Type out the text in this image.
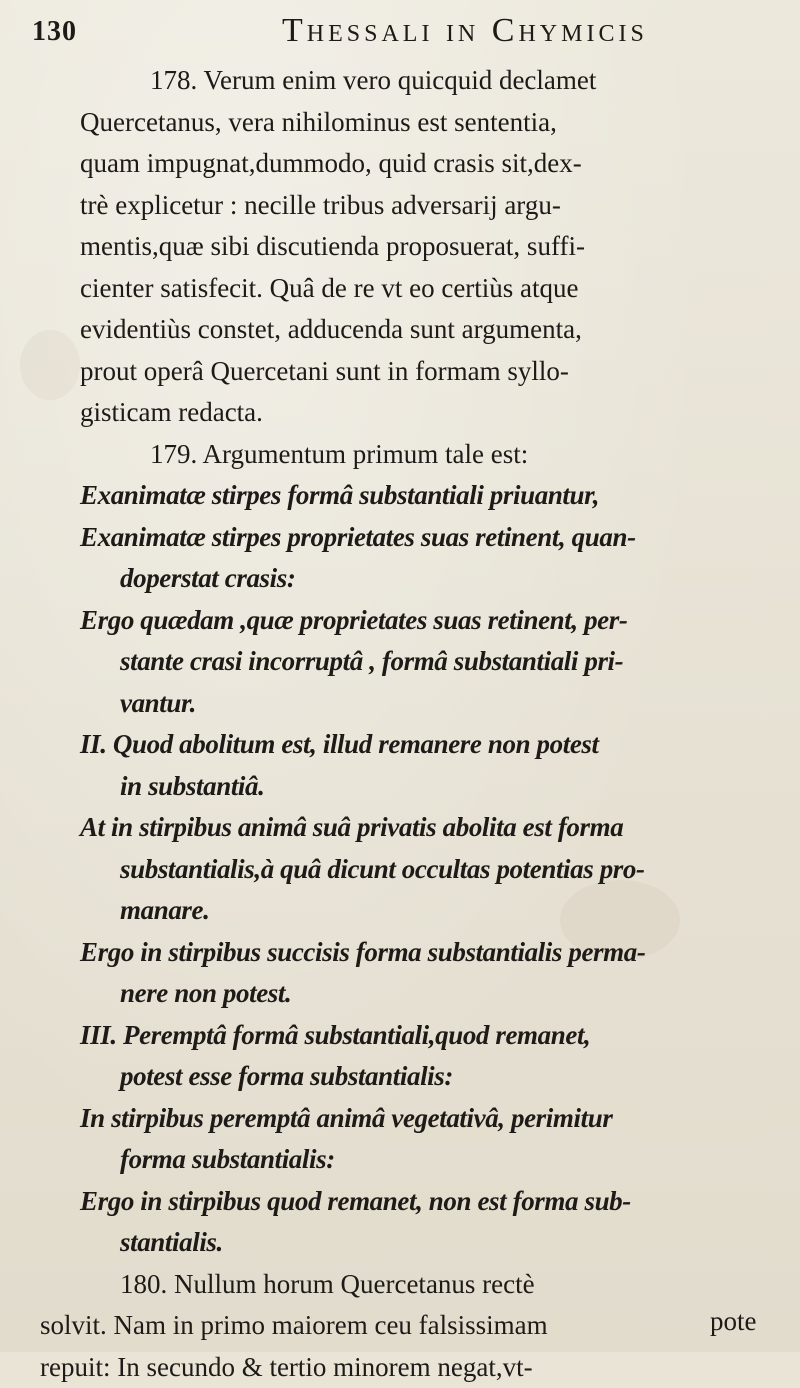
130	Thessali in Chymicis
178. Verum enim vero quicquid declamet
Quercetanus, vera nihilominus est sententia,
quam impugnat,dummodo, quid crasis sit,dex-
trè explicetur : necille tribus adversarij argu-
mentis,quæ sibi discutienda proposuerat, suffi-
cienter satisfecit. Quâ de re vt eo certiùs atque
evidentiùs constet, adducenda sunt argumenta,
prout operâ Quercetani sunt in formam syllo-
gisticam redacta.
179. Argumentum primum tale est:
Exanimatæ stirpes formâ substantiali priuantur,
Exanimatæ stirpes proprietates suas retinent, quan-
doperstat crasis:
Ergo quædam ,quæ proprietates suas retinent, per-
stante crasi incorruptâ , formâ substantiali pri-
vantur.
II. Quod abolitum est, illud remanere non potest
in substantiâ.
At in stirpibus animâ suâ privatis abolita est forma
substantialis,à quâ dicunt occultas potentias pro-
manare.
Ergo in stirpibus succisis forma substantialis perma-
nere non potest.
III. Peremptâ formâ substantiali,quod remanet,
potest esse forma substantialis:
In stirpibus peremptâ animâ vegetativâ, perimitur
forma substantialis:
Ergo in stirpibus quod remanet, non est forma sub-
stantialis.
180. Nullum horum Quercetanus rectè
solvit. Nam in primo maiorem ceu falsissimam
repuit: In secundo & tertio minorem negat,vt-
pote
